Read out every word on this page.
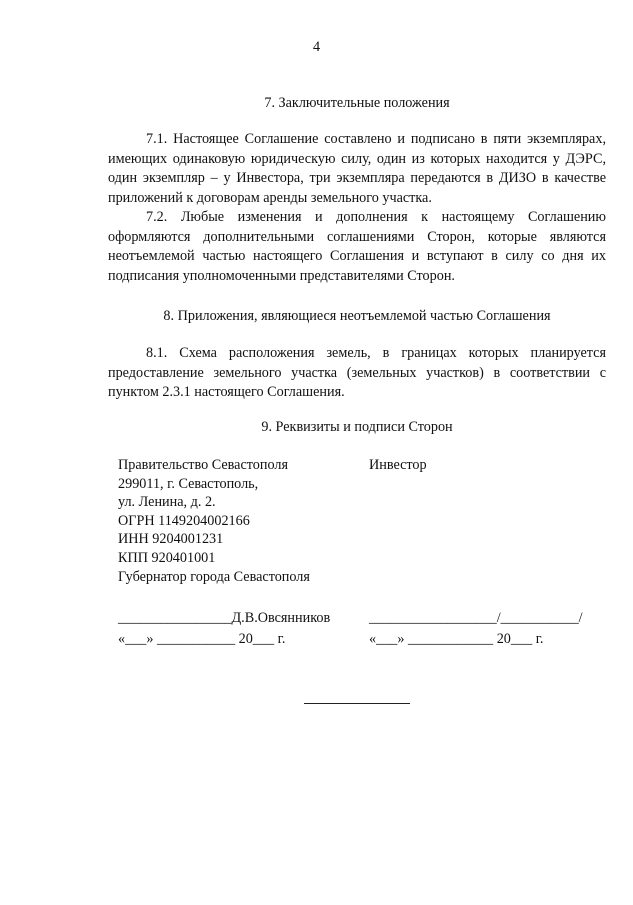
4
7. Заключительные положения

7.1. Настоящее Соглашение составлено и подписано в пяти экземплярах, имеющих одинаковую юридическую силу, один из которых находится у ДЭРС, один экземпляр – у Инвестора, три экземпляра передаются в ДИЗО в качестве приложений к договорам аренды земельного участка.

7.2. Любые изменения и дополнения к настоящему Соглашению оформляются дополнительными соглашениями Сторон, которые являются неотъемлемой частью настоящего Соглашения и вступают в силу со дня их подписания уполномоченными представителями Сторон.

8. Приложения, являющиеся неотъемлемой частью Соглашения

8.1. Схема расположения земель, в границах которых планируется предоставление земельного участка (земельных участков) в соответствии с пунктом 2.3.1 настоящего Соглашения.

9. Реквизиты и подписи Сторон
Правительство Севастополя
299011, г. Севастополь,
ул. Ленина, д. 2.
ОГРН 1149204002166
ИНН 9204001231
КПП 920401001
Губернатор города Севастополя
Инвестор
________________Д.В.Овсянников
«___» ___________ 20___ г.
__________________/___________/
«___» ____________ 20___ г.
